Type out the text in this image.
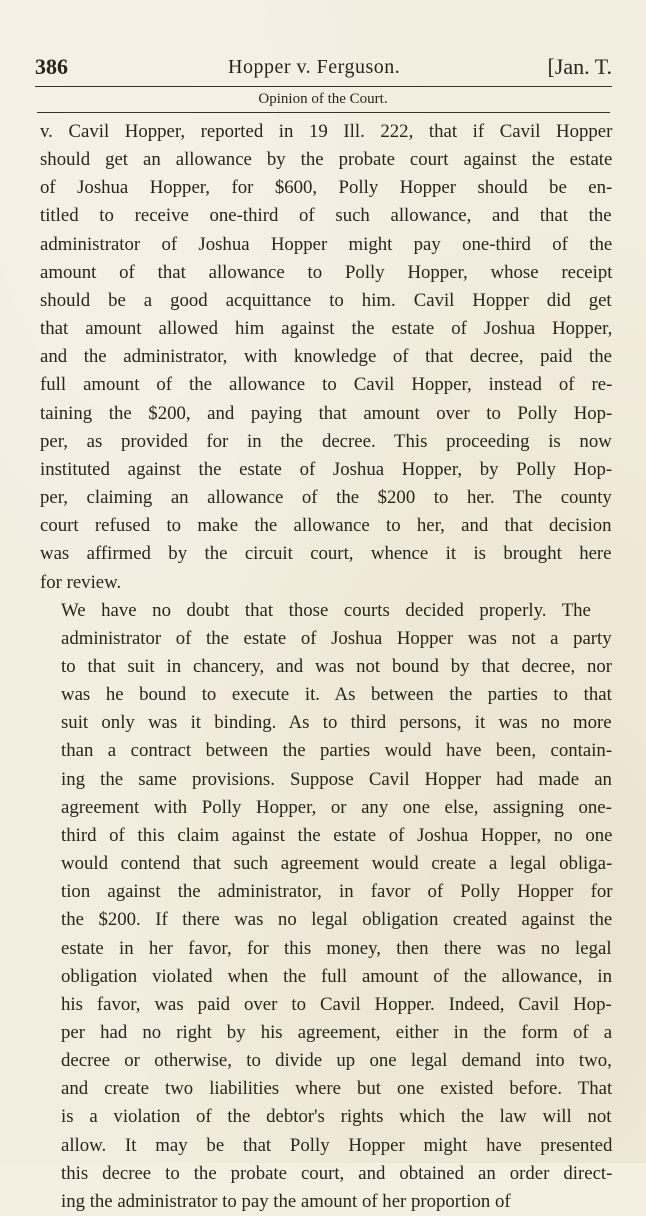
386	Hopper v. Ferguson.	[Jan. T.
Opinion of the Court.

v. Cavil Hopper, reported in 19 Ill. 222, that if Cavil Hopper
should get an allowance by the probate court against the estate
of Joshua Hopper, for $600, Polly Hopper should be en-
titled to receive one-third of such allowance, and that the
administrator of Joshua Hopper might pay one-third of the
amount of that allowance to Polly Hopper, whose receipt
should be a good acquittance to him. Cavil Hopper did get
that amount allowed him against the estate of Joshua Hopper,
and the administrator, with knowledge of that decree, paid the
full amount of the allowance to Cavil Hopper, instead of re-
taining the $200, and paying that amount over to Polly Hop-
per, as provided for in the decree. This proceeding is now
instituted against the estate of Joshua Hopper, by Polly Hop-
per, claiming an allowance of the $200 to her. The county
court refused to make the allowance to her, and that decision
was affirmed by the circuit court, whence it is brought here
for review.

We have no doubt that those courts decided properly. The
administrator of the estate of Joshua Hopper was not a party
to that suit in chancery, and was not bound by that decree, nor
was he bound to execute it. As between the parties to that
suit only was it binding. As to third persons, it was no more
than a contract between the parties would have been, contain-
ing the same provisions. Suppose Cavil Hopper had made an
agreement with Polly Hopper, or any one else, assigning one-
third of this claim against the estate of Joshua Hopper, no one
would contend that such agreement would create a legal obliga-
tion against the administrator, in favor of Polly Hopper for
the $200. If there was no legal obligation created against the
estate in her favor, for this money, then there was no legal
obligation violated when the full amount of the allowance, in
his favor, was paid over to Cavil Hopper. Indeed, Cavil Hop-
per had no right by his agreement, either in the form of a
decree or otherwise, to divide up one legal demand into two,
and create two liabilities where but one existed before. That
is a violation of the debtor's rights which the law will not
allow. It may be that Polly Hopper might have presented
this decree to the probate court, and obtained an order direct-
ing the administrator to pay the amount of her proportion of
